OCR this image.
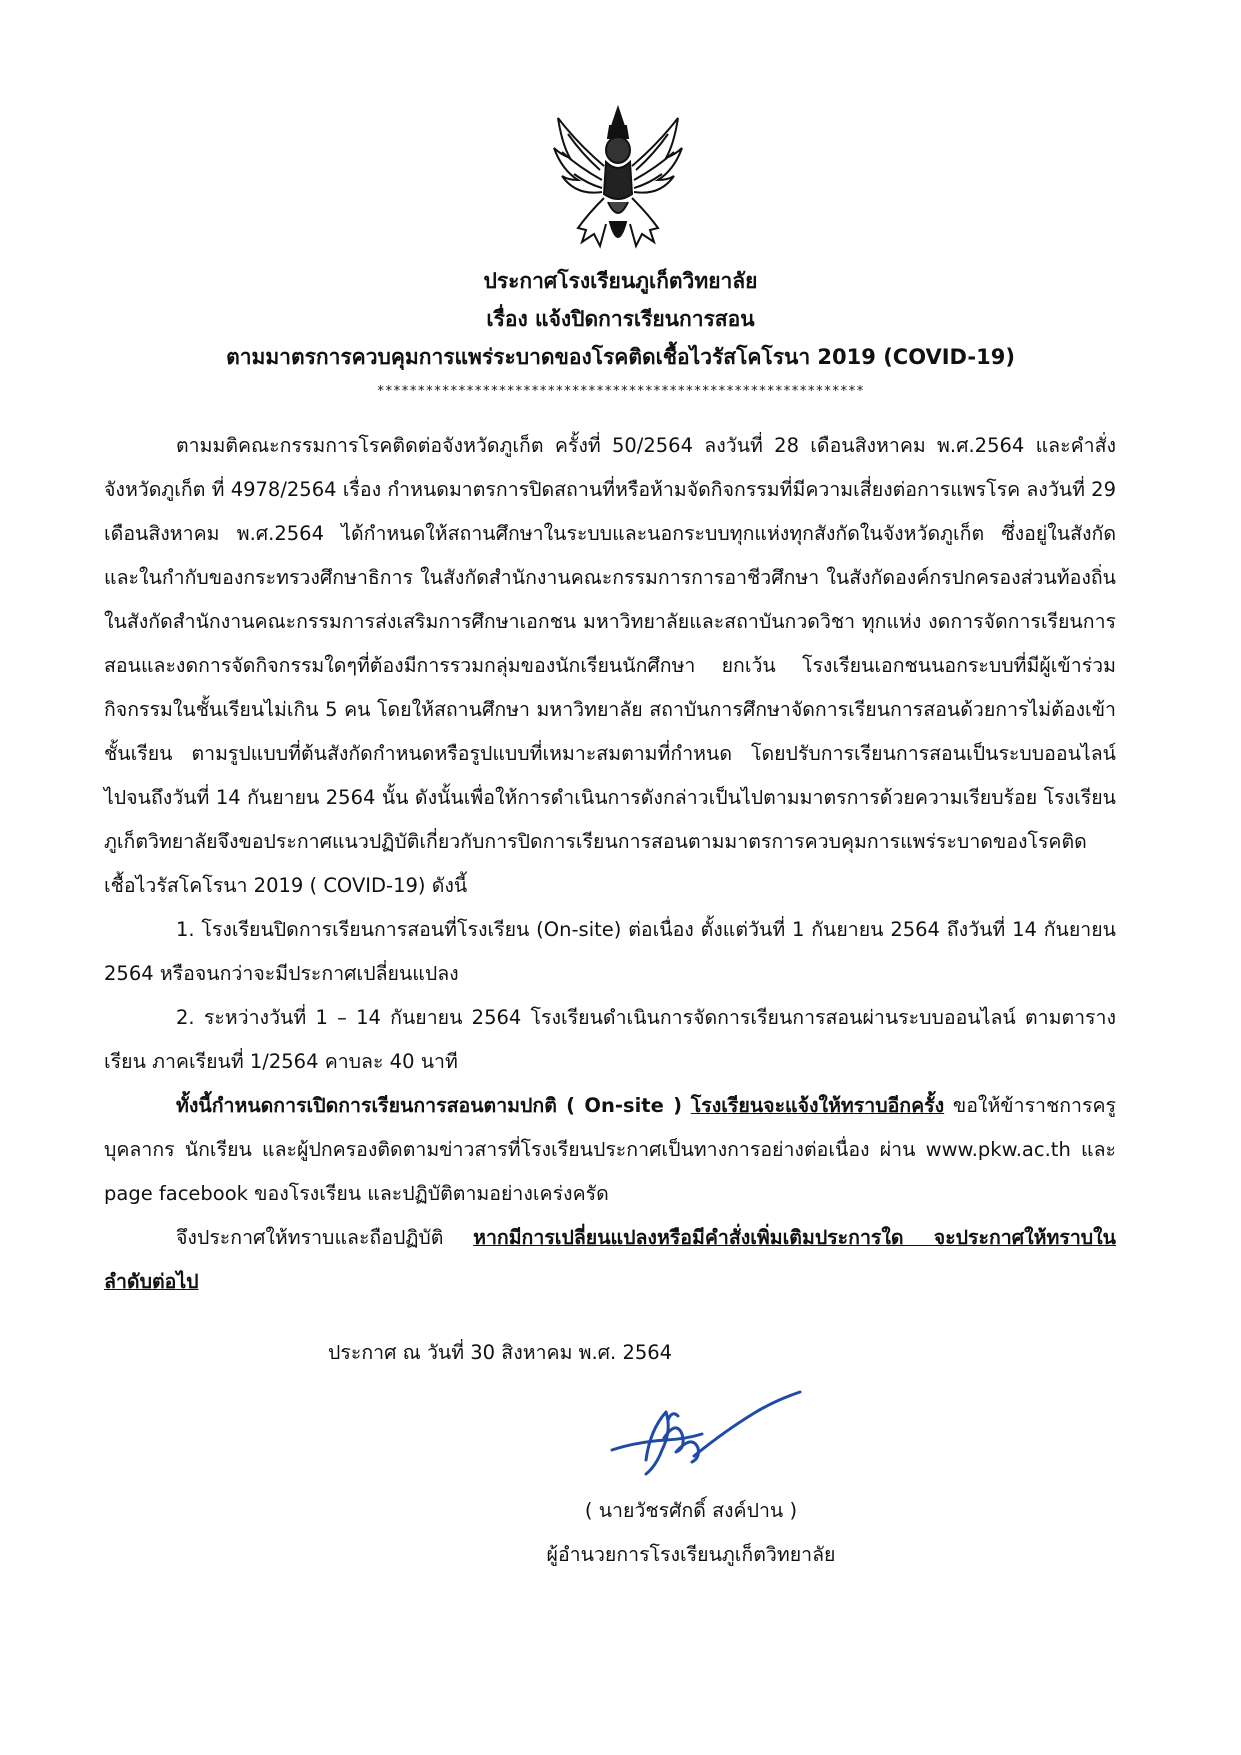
ประกาศโรงเรียนภูเก็ตวิทยาลัย
เรื่อง แจ้งปิดการเรียนการสอน
ตามมาตรการควบคุมการแพร่ระบาดของโรคติดเชื้อไวรัสโคโรนา 2019 (COVID-19)
************************************************************

ตามมติคณะกรรมการโรคติดต่อจังหวัดภูเก็ต ครั้งที่ 50/2564 ลงวันที่ 28 เดือนสิงหาคม พ.ศ.2564 และคำสั่งจังหวัดภูเก็ต ที่ 4978/2564 เรื่อง กำหนดมาตรการปิดสถานที่หรือห้ามจัดกิจกรรมที่มีความเสี่ยงต่อการแพรโรค ลงวันที่ 29 เดือนสิงหาคม พ.ศ.2564 ได้กำหนดให้สถานศึกษาในระบบและนอกระบบทุกแห่งทุกสังกัดในจังหวัดภูเก็ต ซึ่งอยู่ในสังกัดและในกำกับของกระทรวงศึกษาธิการ ในสังกัดสำนักงานคณะกรรมการการอาชีวศึกษา ในสังกัดองค์กรปกครองส่วนท้องถิ่น ในสังกัดสำนักงานคณะกรรมการส่งเสริมการศึกษาเอกชน มหาวิทยาลัยและสถาบันกวดวิชา ทุกแห่ง งดการจัดการเรียนการสอนและงดการจัดกิจกรรมใดๆที่ต้องมีการรวมกลุ่มของนักเรียนนักศึกษา ยกเว้น โรงเรียนเอกชนนอกระบบที่มีผู้เข้าร่วมกิจกรรมในชั้นเรียนไม่เกิน 5 คน โดยให้สถานศึกษา มหาวิทยาลัย สถาบันการศึกษาจัดการเรียนการสอนด้วยการไม่ต้องเข้าชั้นเรียน ตามรูปแบบที่ต้นสังกัดกำหนดหรือรูปแบบที่เหมาะสมตามที่กำหนด โดยปรับการเรียนการสอนเป็นระบบออนไลน์ ไปจนถึงวันที่ 14 กันยายน 2564 นั้น ดังนั้นเพื่อให้การดำเนินการดังกล่าวเป็นไปตามมาตรการด้วยความเรียบร้อย โรงเรียนภูเก็ตวิทยาลัยจึงขอประกาศแนวปฏิบัติเกี่ยวกับการปิดการเรียนการสอนตามมาตรการควบคุมการแพร่ระบาดของโรคติดเชื้อไวรัสโคโรนา 2019 ( COVID-19) ดังนี้

1. โรงเรียนปิดการเรียนการสอนที่โรงเรียน (On-site) ต่อเนื่อง ตั้งแต่วันที่ 1 กันยายน 2564 ถึงวันที่ 14 กันยายน 2564 หรือจนกว่าจะมีประกาศเปลี่ยนแปลง

2. ระหว่างวันที่ 1 – 14 กันยายน 2564 โรงเรียนดำเนินการจัดการเรียนการสอนผ่านระบบออนไลน์ ตามตารางเรียน ภาคเรียนที่ 1/2564 คาบละ 40 นาที

ทั้งนี้กำหนดการเปิดการเรียนการสอนตามปกติ ( On-site ) โรงเรียนจะแจ้งให้ทราบอีกครั้ง ขอให้ข้าราชการครู บุคลากร นักเรียน และผู้ปกครองติดตามข่าวสารที่โรงเรียนประกาศเป็นทางการอย่างต่อเนื่อง ผ่าน www.pkw.ac.th และ page facebook ของโรงเรียน และปฏิบัติตามอย่างเคร่งครัด

จึงประกาศให้ทราบและถือปฏิบัติ หากมีการเปลี่ยนแปลงหรือมีคำสั่งเพิ่มเติมประการใด จะประกาศให้ทราบในลำดับต่อไป

ประกาศ ณ วันที่ 30 สิงหาคม พ.ศ. 2564
( นายวัชรศักดิ์ สงค์ปาน )
ผู้อำนวยการโรงเรียนภูเก็ตวิทยาลัย
